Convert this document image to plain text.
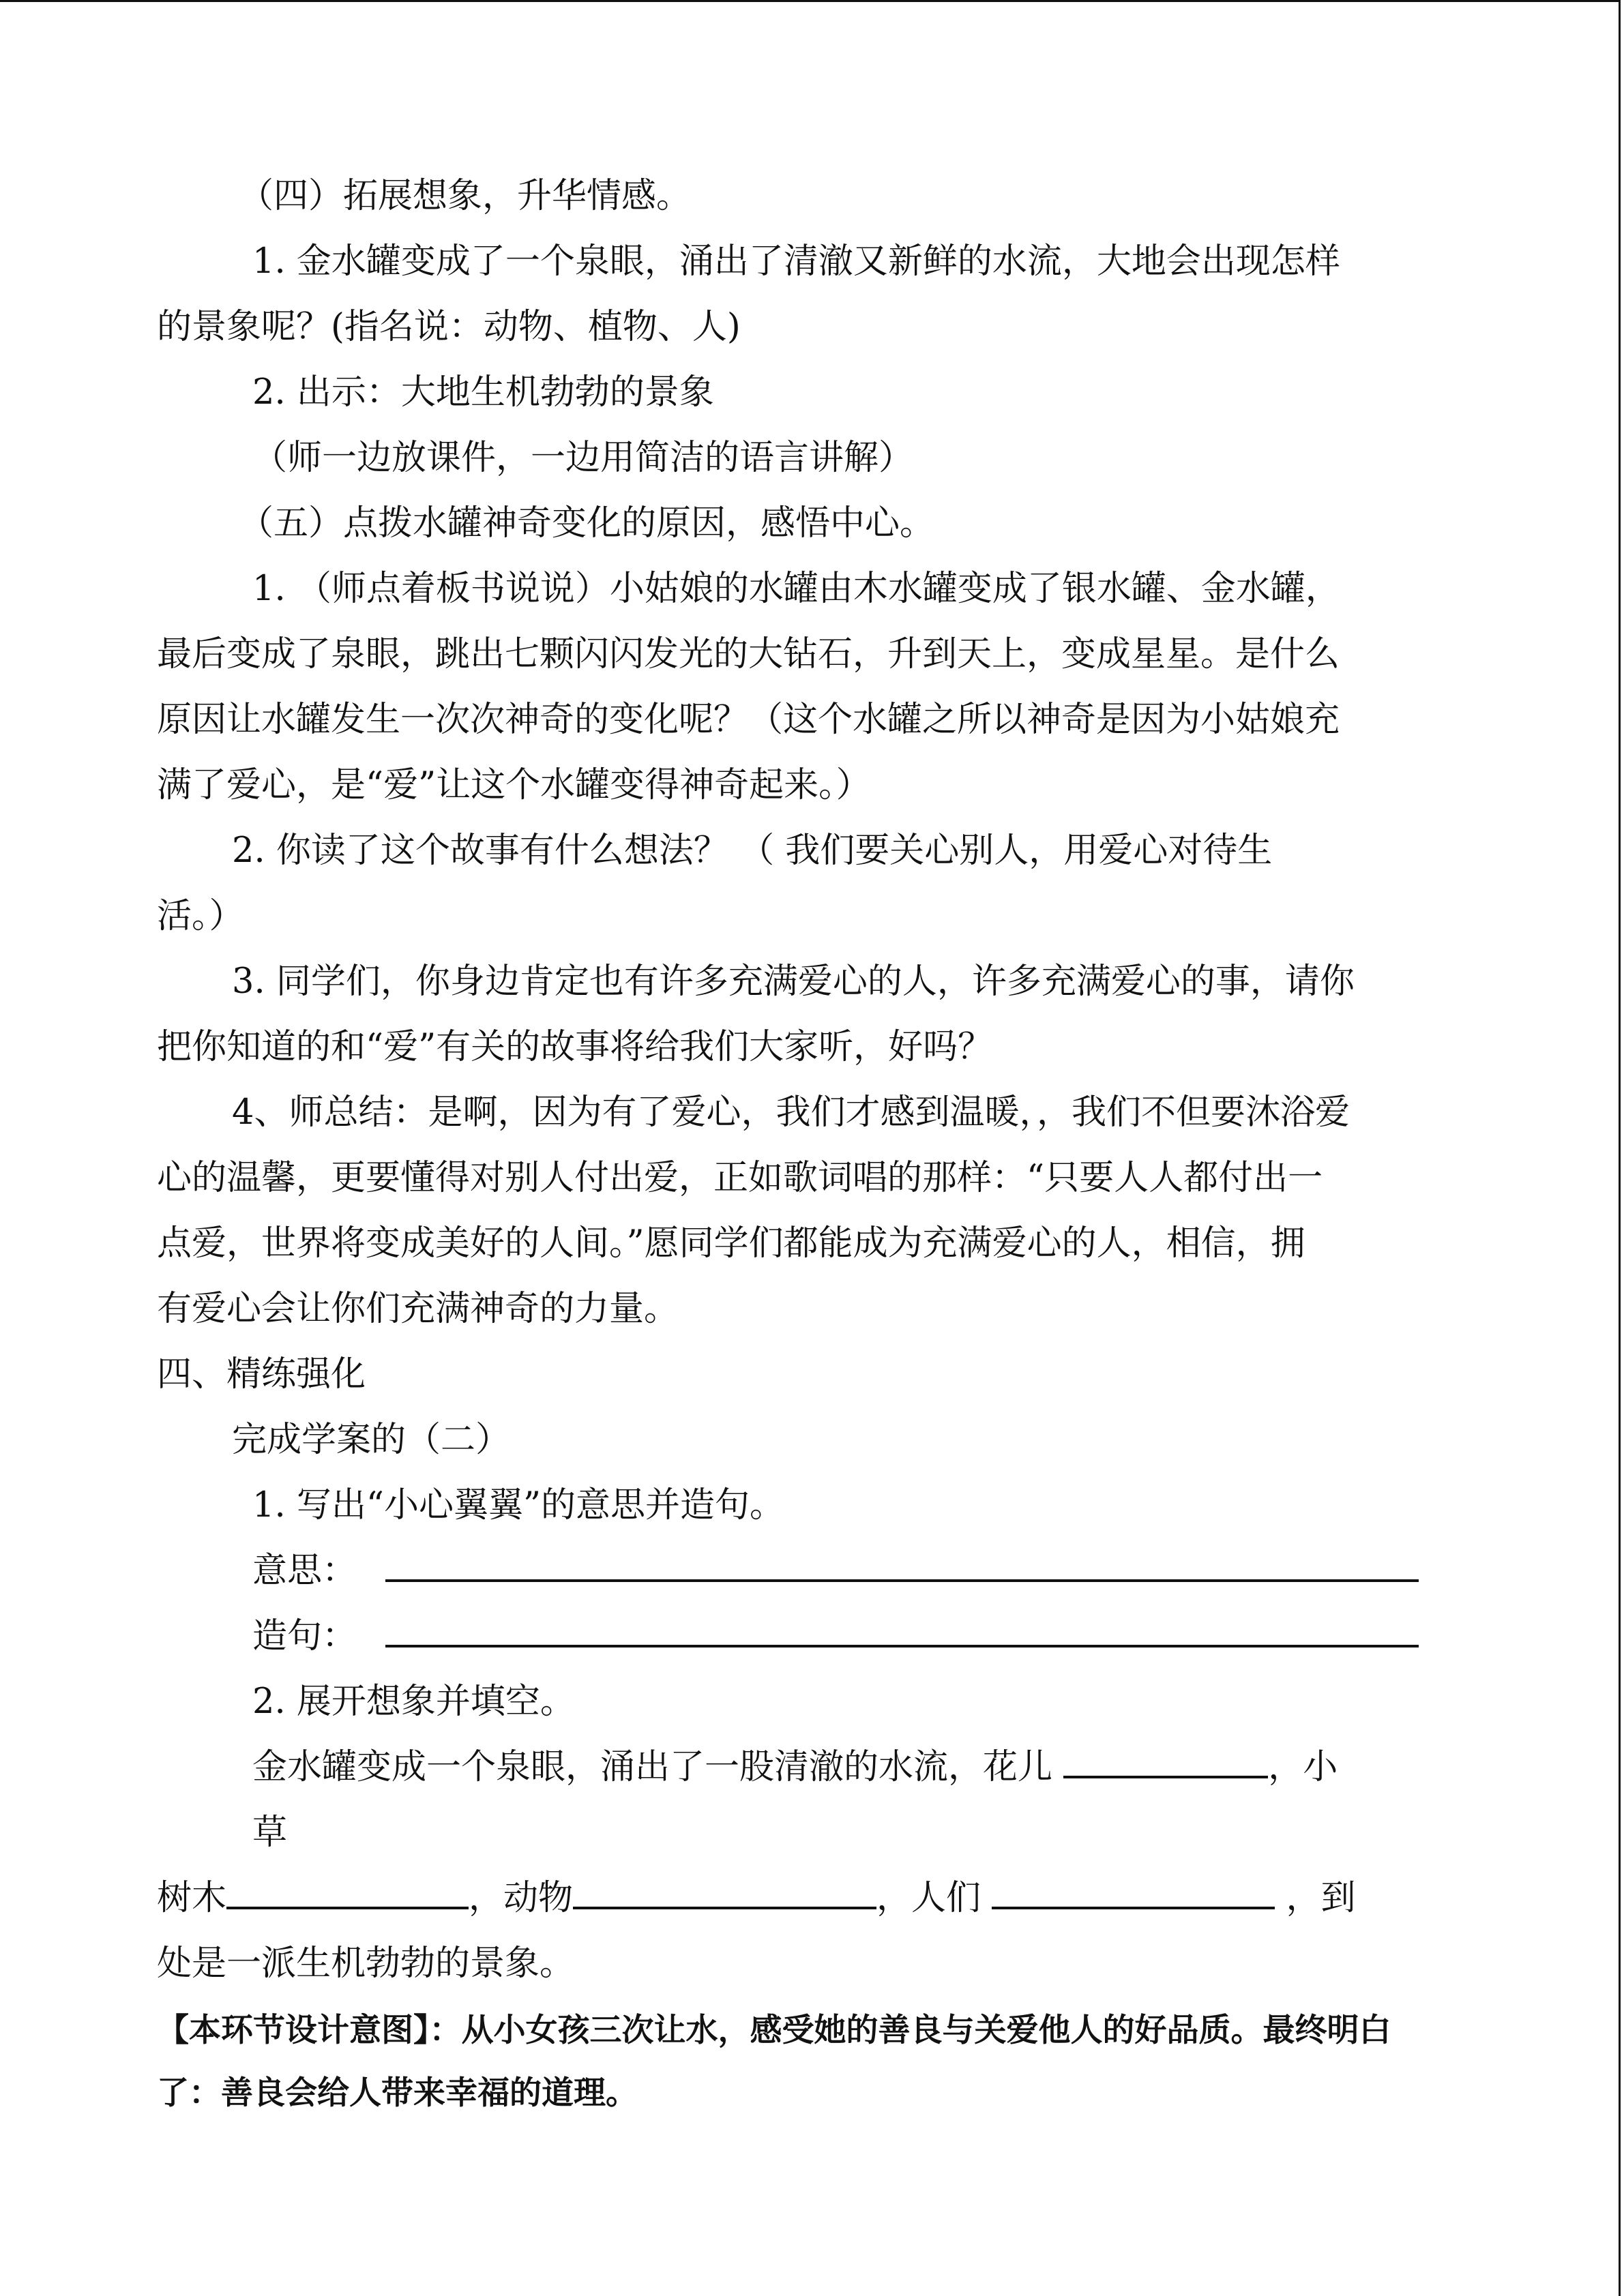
（四）拓展想象，升华情感。

1. 金水罐变成了一个泉眼，涌出了清澈又新鲜的水流，大地会出现怎样

的景象呢？(指名说：动物、植物、人)

2. 出示：大地生机勃勃的景象

（师一边放课件，一边用简洁的语言讲解）

（五）点拨水罐神奇变化的原因，感悟中心。

1. （师点着板书说说）小姑娘的水罐由木水罐变成了银水罐、金水罐，

最后变成了泉眼，跳出七颗闪闪发光的大钻石，升到天上，变成星星。是什么

原因让水罐发生一次次神奇的变化呢？（这个水罐之所以神奇是因为小姑娘充

满了爱心，是“爱”让这个水罐变得神奇起来。）

2. 你读了这个故事有什么想法？ （ 我们要关心别人，用爱心对待生

活。）

3. 同学们，你身边肯定也有许多充满爱心的人，许多充满爱心的事，请你

把你知道的和“爱”有关的故事将给我们大家听，好吗？

4、师总结：是啊，因为有了爱心，我们才感到温暖，，我们不但要沐浴爱

心的温馨，更要懂得对别人付出爱，正如歌词唱的那样：“只要人人都付出一

点爱，世界将变成美好的人间。”愿同学们都能成为充满爱心的人，相信，拥

有爱心会让你们充满神奇的力量。

四、精练强化

完成学案的（二）

1. 写出“小心翼翼”的意思并造句。

意思：
造句：

2. 展开想象并填空。

金水罐变成一个泉眼，涌出了一股清澈的水流，花儿	，小

草

树木	，动物	，人们	，到

处是一派生机勃勃的景象。

【本环节设计意图】：从小女孩三次让水，感受她的善良与关爱他人的好品质。最终明白
了：善良会给人带来幸福的道理。
